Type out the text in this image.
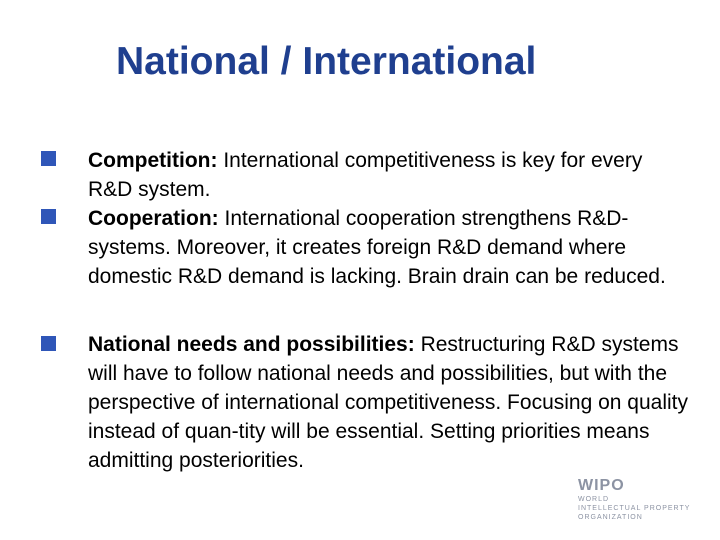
National / International
Competition: International competitiveness is key for every R&D system.
Cooperation: International cooperation strengthens R&D-systems. Moreover, it creates foreign R&D demand where domestic R&D demand is lacking. Brain drain can be reduced.
National needs and possibilities: Restructuring R&D systems will have to follow national needs and possibilities, but with the perspective of international competitiveness. Focusing on quality instead of quan-tity will be essential. Setting priorities means admitting posteriorities.
WIPO
WORLD
INTELLECTUAL PROPERTY
ORGANIZATION
